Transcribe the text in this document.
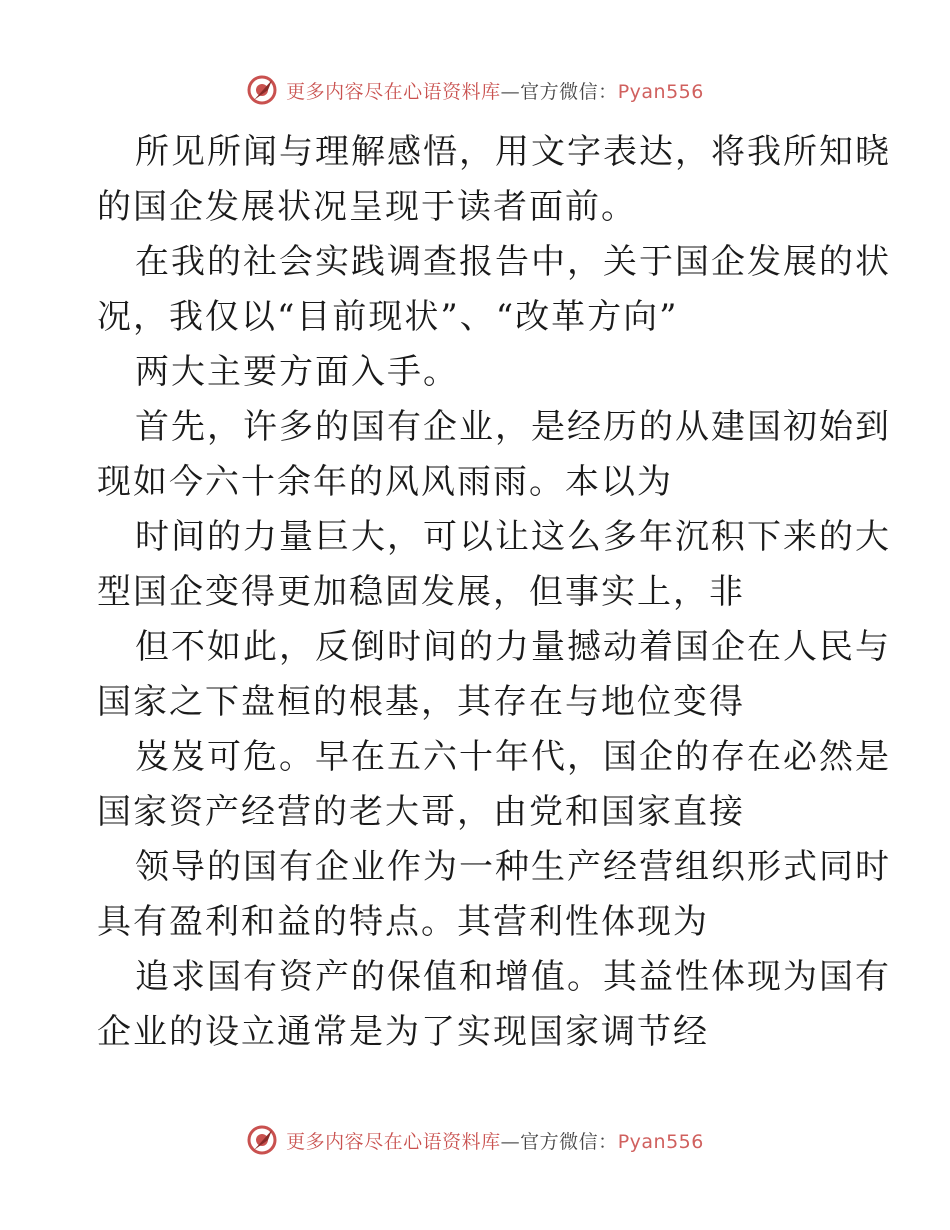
更多内容尽在心语资料库—官方微信：Pyan556
所见所闻与理解感悟，用文字表达，将我所知晓
的国企发展状况呈现于读者面前。
在我的社会实践调查报告中，关于国企发展的状
况，我仅以“目前现状”、“改革方向”
两大主要方面入手。
首先，许多的国有企业，是经历的从建国初始到
现如今六十余年的风风雨雨。本以为
时间的力量巨大，可以让这么多年沉积下来的大
型国企变得更加稳固发展，但事实上，非
但不如此，反倒时间的力量撼动着国企在人民与
国家之下盘桓的根基，其存在与地位变得
岌岌可危。早在五六十年代，国企的存在必然是
国家资产经营的老大哥，由党和国家直接
领导的国有企业作为一种生产经营组织形式同时
具有盈利和益的特点。其营利性体现为
追求国有资产的保值和增值。其益性体现为国有
企业的设立通常是为了实现国家调节经
更多内容尽在心语资料库—官方微信：Pyan556
